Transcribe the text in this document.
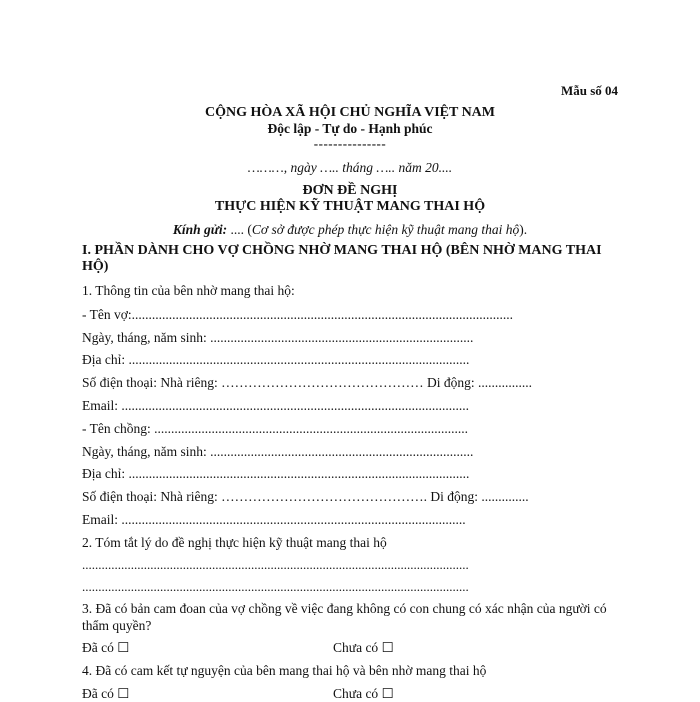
Mẫu số 04
CỘNG HÒA XÃ HỘI CHỦ NGHĨA VIỆT NAM
Độc lập - Tự do - Hạnh phúc
---------------
………, ngày ….. tháng ….. năm 20....
ĐƠN ĐỀ NGHỊ
THỰC HIỆN KỸ THUẬT MANG THAI HỘ
Kính gửi: .... (Cơ sở được phép thực hiện kỹ thuật mang thai hộ).
I. PHẦN DÀNH CHO VỢ CHỒNG NHỜ MANG THAI HỘ (BÊN NHỜ MANG THAI HỘ)
1. Thông tin của bên nhờ mang thai hộ:
- Tên vợ:.................................................................................................................
Ngày, tháng, năm sinh: ..............................................................................
Địa chỉ: .....................................................................................................
Số điện thoại: Nhà riêng: ……………………………………… Di động: ................
Email: .......................................................................................................
- Tên chồng: .............................................................................................
Ngày, tháng, năm sinh: ..............................................................................
Địa chỉ: .....................................................................................................
Số điện thoại: Nhà riêng: ………………………………………. Di động: ..............
Email: ......................................................................................................
2. Tóm tắt lý do đề nghị thực hiện kỹ thuật mang thai hộ
.......................................................................................................................
.......................................................................................................................
3. Đã có bản cam đoan của vợ chồng về việc đang không có con chung có xác nhận của người có thẩm quyền?
Đã có ☐	Chưa có ☐
4. Đã có cam kết tự nguyện của bên mang thai hộ và bên nhờ mang thai hộ
Đã có ☐	Chưa có ☐
